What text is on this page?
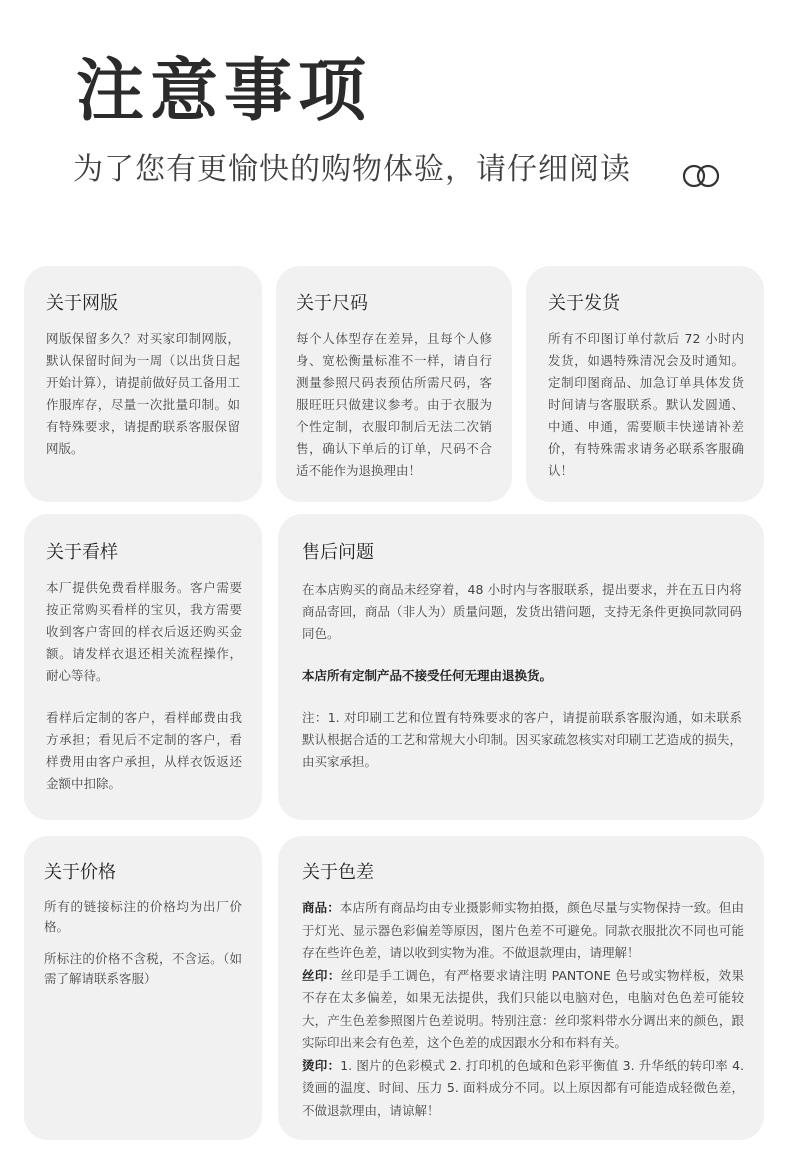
注意事项
为了您有更愉快的购物体验，请仔细阅读
关于网版

网版保留多久？对买家印制网版，默认保留时间为一周（以出货日起开始计算），请提前做好员工备用工作服库存，尽量一次批量印制。如有特殊要求，请提酌联系客服保留网版。

关于尺码

每个人体型存在差异，且每个人修身、宽松衡量标准不一样，请自行测量参照尺码表预估所需尺码，客服旺旺只做建议参考。由于衣服为个性定制，衣服印制后无法二次销售，确认下单后的订单，尺码不合适不能作为退换理由！

关于发货

所有不印图订单付款后 72 小时内发货，如遇特殊清况会及时通知。定制印图商品、加急订单具体发货时间请与客服联系。默认发圆通、中通、申通，需要顺丰快递请补差价，有特殊需求请务必联系客服确认！

关于看样

本厂提供免费看样服务。客户需要按正常购买看样的宝贝，我方需要收到客户寄回的样衣后返还购买金额。请发样衣退还相关流程操作，耐心等待。

看样后定制的客户，看样邮费由我方承担；看见后不定制的客户，看样费用由客户承担，从样衣饭返还金额中扣除。

售后问题

在本店购买的商品未经穿着，48 小时内与客服联系，提出要求，并在五日内将商品寄回，商品（非人为）质量问题，发货出错问题，支持无条件更换同款同码同色。

本店所有定制产品不接受任何无理由退换货。

注：1. 对印刷工艺和位置有特殊要求的客户，请提前联系客服沟通，如未联系默认根据合适的工艺和常规大小印制。因买家疏忽核实对印刷工艺造成的损失，由买家承担。

关于价格

所有的链接标注的价格均为出厂价格。

所标注的价格不含税，不含运。（如需了解请联系客服）

关于色差

商品：本店所有商品均由专业摄影师实物拍摄，颜色尽量与实物保持一致。但由于灯光、显示器色彩偏差等原因，图片色差不可避免。同款衣服批次不同也可能存在些许色差，请以收到实物为准。不做退款理由，请理解！

丝印：丝印是手工调色，有严格要求请注明 PANTONE 色号或实物样板，效果不存在太多偏差，如果无法提供，我们只能以电脑对色，电脑对色色差可能较大，产生色差参照图片色差说明。特别注意：丝印浆料带水分调出来的颜色，跟实际印出来会有色差，这个色差的成因跟水分和布料有关。

烫印：1. 图片的色彩模式 2. 打印机的色域和色彩平衡值 3. 升华纸的转印率 4. 烫画的温度、时间、压力 5. 面料成分不同。以上原因都有可能造成轻微色差，不做退款理由，请谅解！
